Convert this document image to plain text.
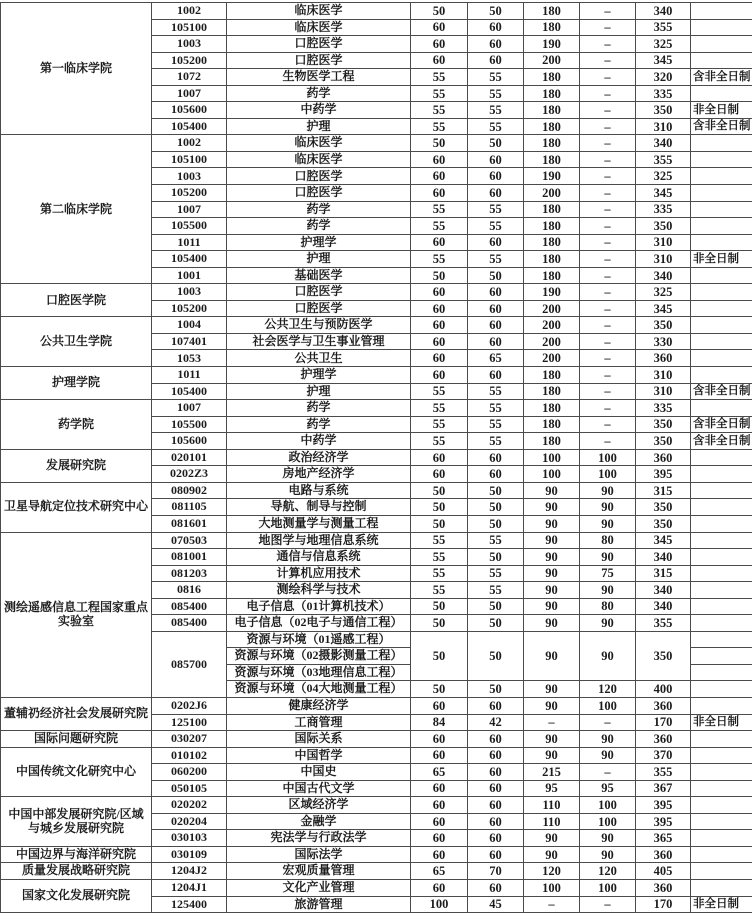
第一临床学院	1002	临床医学	50	50	180	–	340	
	105100	临床医学	60	60	180	–	355	
	1003	口腔医学	60	60	190	–	325	
	105200	口腔医学	60	60	200	–	345	
	1072	生物医学工程	55	55	180	–	320	含非全日制
	1007	药学	55	55	180	–	335	
	105600	中药学	55	55	180	–	350	非全日制
	105400	护理	55	55	180	–	310	含非全日制
第二临床学院	1002	临床医学	50	50	180	–	340	
	105100	临床医学	60	60	180	–	355	
	1003	口腔医学	60	60	190	–	325	
	105200	口腔医学	60	60	200	–	345	
	1007	药学	55	55	180	–	335	
	105500	药学	55	55	180	–	350	
	1011	护理学	60	60	180	–	310	
	105400	护理	55	55	180	–	310	非全日制
	1001	基础医学	50	50	180	–	340	
口腔医学院	1003	口腔医学	60	60	190	–	325	
	105200	口腔医学	60	60	200	–	345	
公共卫生学院	1004	公共卫生与预防医学	60	60	200	–	350	
	107401	社会医学与卫生事业管理	60	60	200	–	330	
	1053	公共卫生	60	65	200	–	360	
护理学院	1011	护理学	60	60	180	–	310	
	105400	护理	55	55	180	–	310	含非全日制
药学院	1007	药学	55	55	180	–	335	
	105500	药学	55	55	180	–	350	含非全日制
	105600	中药学	55	55	180	–	350	含非全日制
发展研究院	020101	政治经济学	60	60	100	100	360	
	0202Z3	房地产经济学	60	60	100	100	395	
卫星导航定位技术研究中心	080902	电路与系统	50	50	90	90	315	
	081105	导航、制导与控制	50	50	90	90	350	
	081601	大地测量学与测量工程	50	50	90	90	350	
测绘遥感信息工程国家重点实验室	070503	地图学与地理信息系统	55	55	90	80	345	
	081001	通信与信息系统	55	50	90	90	340	
	081203	计算机应用技术	55	55	90	75	315	
	0816	测绘科学与技术	55	55	90	90	340	
	085400	电子信息（01计算机技术）	50	50	90	80	340	
	085400	电子信息（02电子与通信工程）	50	50	90	90	355	
	085700	资源与环境（01遥感工程）	50	50	90	90	350	
		资源与环境（02摄影测量工程）						
		资源与环境（03地理信息工程）						
		资源与环境（04大地测量工程）	50	50	90	120	400	
董辅礽经济社会发展研究院	0202J6	健康经济学	60	60	90	100	360	
	125100	工商管理	84	42	–	–	170	非全日制
国际问题研究院	030207	国际关系	60	60	90	90	360	
中国传统文化研究中心	010102	中国哲学	60	60	90	90	370	
	060200	中国史	65	60	215	–	355	
	050105	中国古代文学	60	60	95	95	367	
中国中部发展研究院/区域与城乡发展研究院	020202	区域经济学	60	60	110	100	395	
	020204	金融学	60	60	110	100	395	
	030103	宪法学与行政法学	60	60	90	90	365	
中国边界与海洋研究院	030109	国际法学	60	60	90	90	360	
质量发展战略研究院	1204J2	宏观质量管理	65	70	120	120	405	
国家文化发展研究院	1204J1	文化产业管理	60	60	100	100	360	
	125400	旅游管理	100	45	–	–	170	非全日制
